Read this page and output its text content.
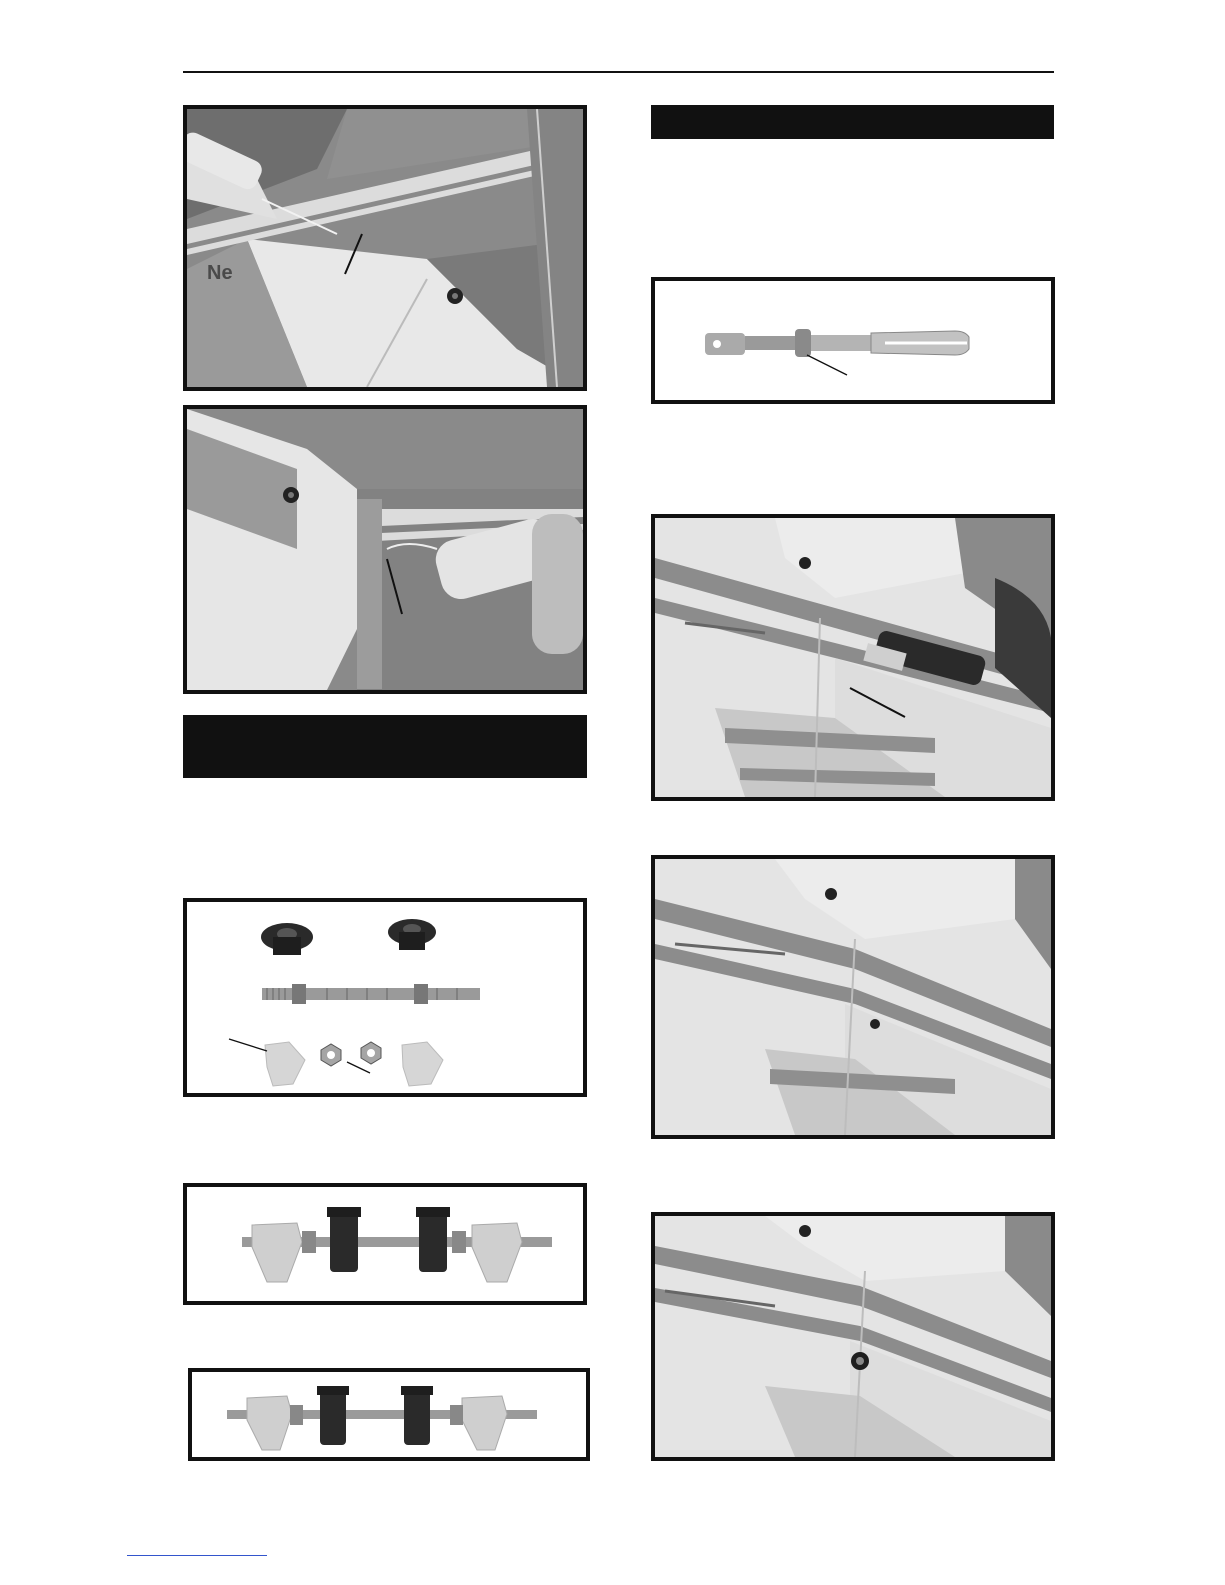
Ne
